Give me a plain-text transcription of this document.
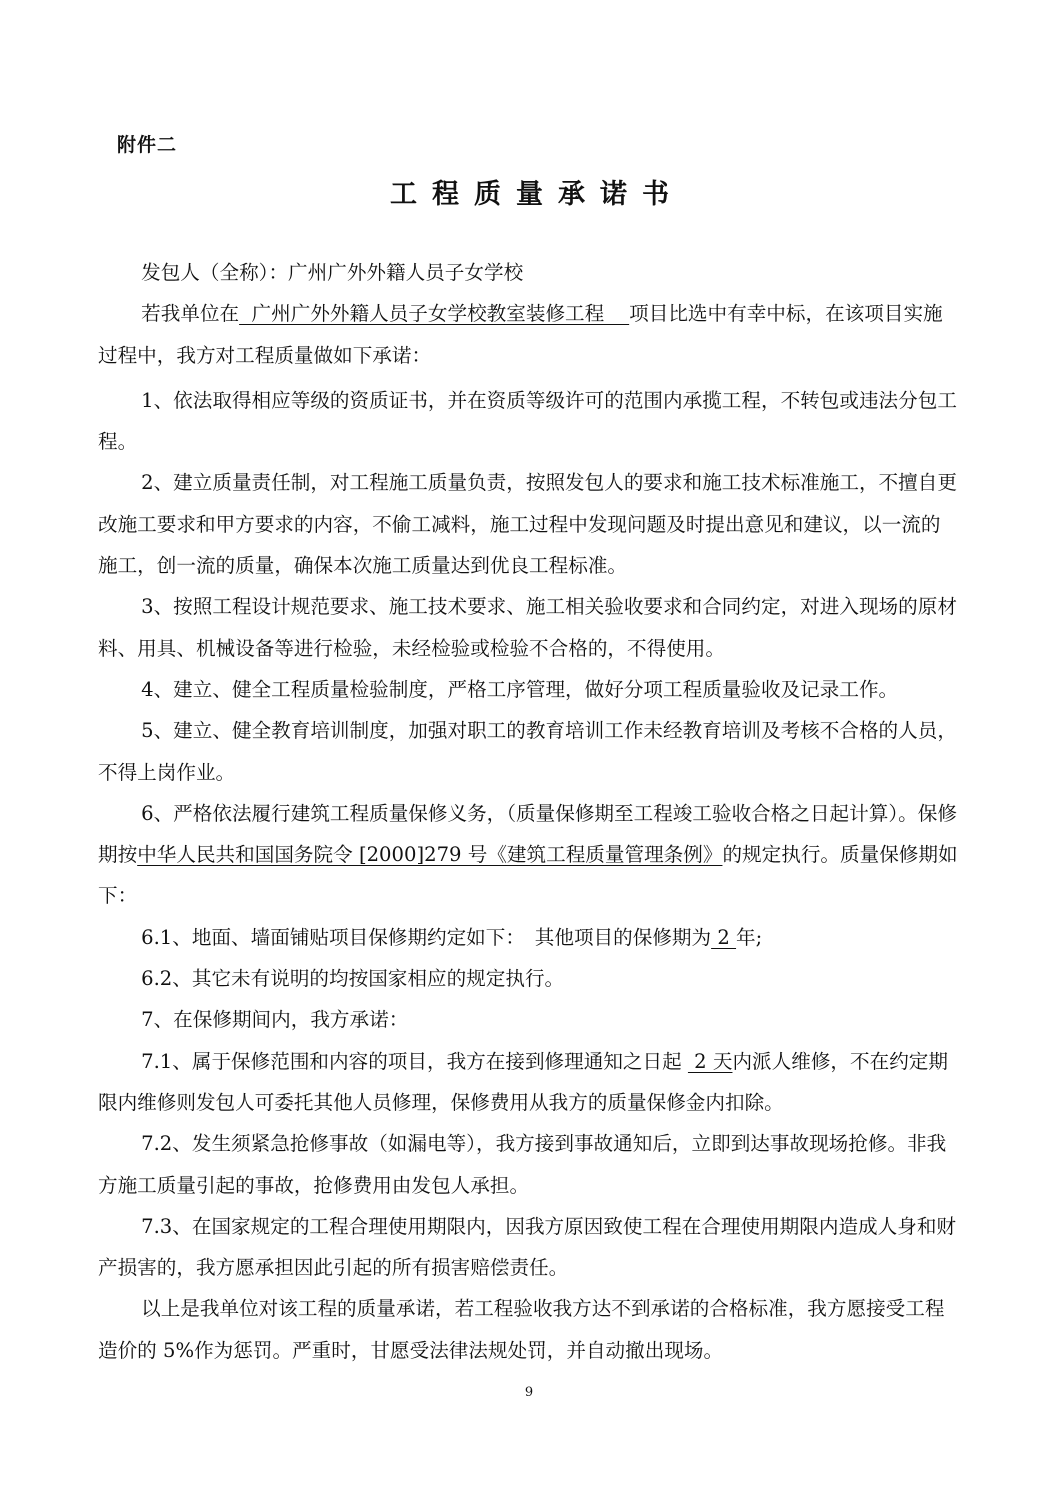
附件二
工程质量承诺书

发包人（全称）：广州广外外籍人员子女学校

若我单位在  广州广外外籍人员子女学校教室装修工程    项目比选中有幸中标，在该项目实施过程中，我方对工程质量做如下承诺：

1、依法取得相应等级的资质证书，并在资质等级许可的范围内承揽工程，不转包或违法分包工程。

2、建立质量责任制，对工程施工质量负责，按照发包人的要求和施工技术标准施工，不擅自更改施工要求和甲方要求的内容，不偷工减料，施工过程中发现问题及时提出意见和建议，以一流的施工，创一流的质量，确保本次施工质量达到优良工程标准。

3、按照工程设计规范要求、施工技术要求、施工相关验收要求和合同约定，对进入现场的原材料、用具、机械设备等进行检验，未经检验或检验不合格的，不得使用。

4、建立、健全工程质量检验制度，严格工序管理，做好分项工程质量验收及记录工作。

5、建立、健全教育培训制度，加强对职工的教育培训工作未经教育培训及考核不合格的人员，不得上岗作业。

6、严格依法履行建筑工程质量保修义务，（质量保修期至工程竣工验收合格之日起计算）。保修期按中华人民共和国国务院令 [2000]279 号《建筑工程质量管理条例》的规定执行。质量保修期如下：

6.1、地面、墙面铺贴项目保修期约定如下：　其他项目的保修期为 2 年;

6.2、其它未有说明的均按国家相应的规定执行。

7、在保修期间内，我方承诺：

7.1、属于保修范围和内容的项目，我方在接到修理通知之日起  2 天内派人维修，不在约定期限内维修则发包人可委托其他人员修理，保修费用从我方的质量保修金内扣除。

7.2、发生须紧急抢修事故（如漏电等），我方接到事故通知后，立即到达事故现场抢修。非我方施工质量引起的事故，抢修费用由发包人承担。

7.3、在国家规定的工程合理使用期限内，因我方原因致使工程在合理使用期限内造成人身和财产损害的，我方愿承担因此引起的所有损害赔偿责任。

以上是我单位对该工程的质量承诺，若工程验收我方达不到承诺的合格标准，我方愿接受工程造价的 5%作为惩罚。严重时，甘愿受法律法规处罚，并自动撤出现场。

9
